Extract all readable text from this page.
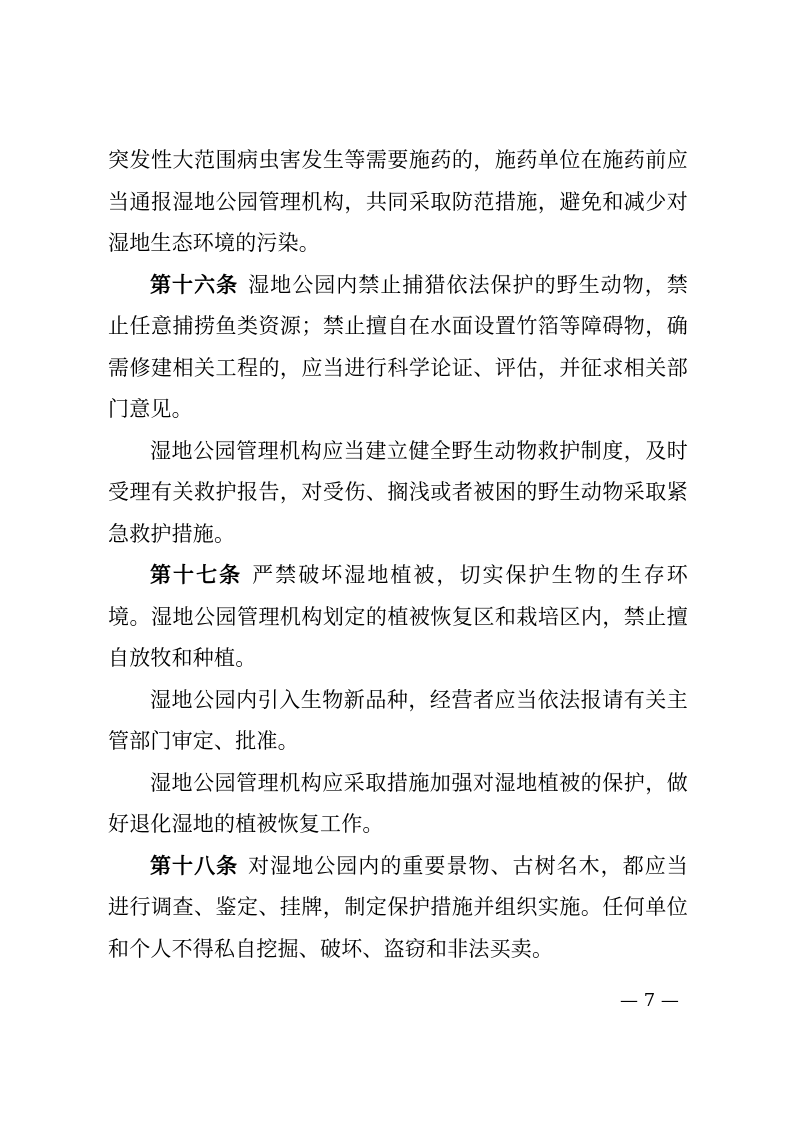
突发性大范围病虫害发生等需要施药的，施药单位在施药前应当通报湿地公园管理机构，共同采取防范措施，避免和减少对湿地生态环境的污染。

第十六条 湿地公园内禁止捕猎依法保护的野生动物，禁止任意捕捞鱼类资源；禁止擅自在水面设置竹箔等障碍物，确需修建相关工程的，应当进行科学论证、评估，并征求相关部门意见。

湿地公园管理机构应当建立健全野生动物救护制度，及时受理有关救护报告，对受伤、搁浅或者被困的野生动物采取紧急救护措施。

第十七条 严禁破坏湿地植被，切实保护生物的生存环境。湿地公园管理机构划定的植被恢复区和栽培区内，禁止擅自放牧和种植。

湿地公园内引入生物新品种，经营者应当依法报请有关主管部门审定、批准。

湿地公园管理机构应采取措施加强对湿地植被的保护，做好退化湿地的植被恢复工作。

第十八条 对湿地公园内的重要景物、古树名木，都应当进行调查、鉴定、挂牌，制定保护措施并组织实施。任何单位和个人不得私自挖掘、破坏、盗窃和非法买卖。

— 7 —
